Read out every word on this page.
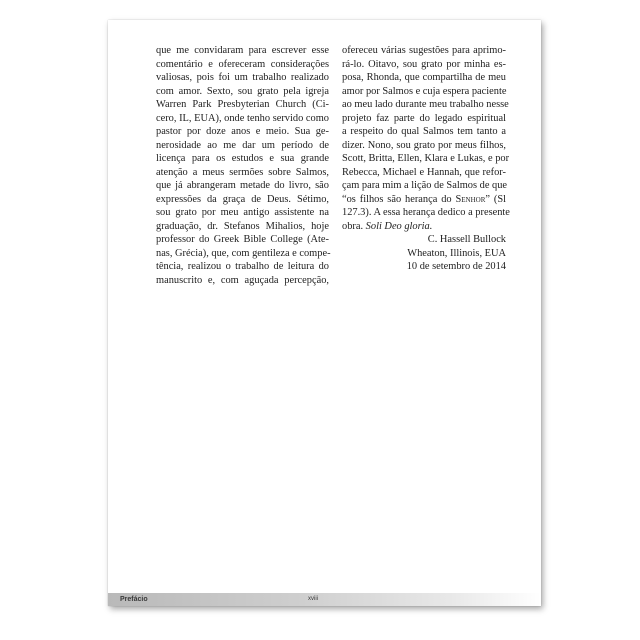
que me convidaram para escrever esse
comentário e ofereceram considerações
valiosas, pois foi um trabalho realizado
com amor. Sexto, sou grato pela igreja
Warren Park Presbyterian Church (Ci-
cero, IL, EUA), onde tenho servido como
pastor por doze anos e meio. Sua ge-
nerosidade ao me dar um período de
licença para os estudos e sua grande
atenção a meus sermões sobre Salmos,
que já abrangeram metade do livro, são
expressões da graça de Deus. Sétimo,
sou grato por meu antigo assistente na
graduação, dr. Stefanos Mihalios, hoje
professor do Greek Bible College (Ate-
nas, Grécia), que, com gentileza e compe-
tência, realizou o trabalho de leitura do
manuscrito e, com aguçada percepção,
ofereceu várias sugestões para aprimo-
rá-lo. Oitavo, sou grato por minha es-
posa, Rhonda, que compartilha de meu
amor por Salmos e cuja espera paciente
ao meu lado durante meu trabalho nesse
projeto faz parte do legado espiritual
a respeito do qual Salmos tem tanto a
dizer. Nono, sou grato por meus filhos,
Scott, Britta, Ellen, Klara e Lukas, e por
Rebecca, Michael e Hannah, que refor-
çam para mim a lição de Salmos de que
“os filhos são herança do Senhor” (Sl
127.3). A essa herança dedico a presente
obra. Soli Deo gloria.
C. Hassell Bullock
Wheaton, Illinois, EUA
10 de setembro de 2014
Prefácio	xviii
